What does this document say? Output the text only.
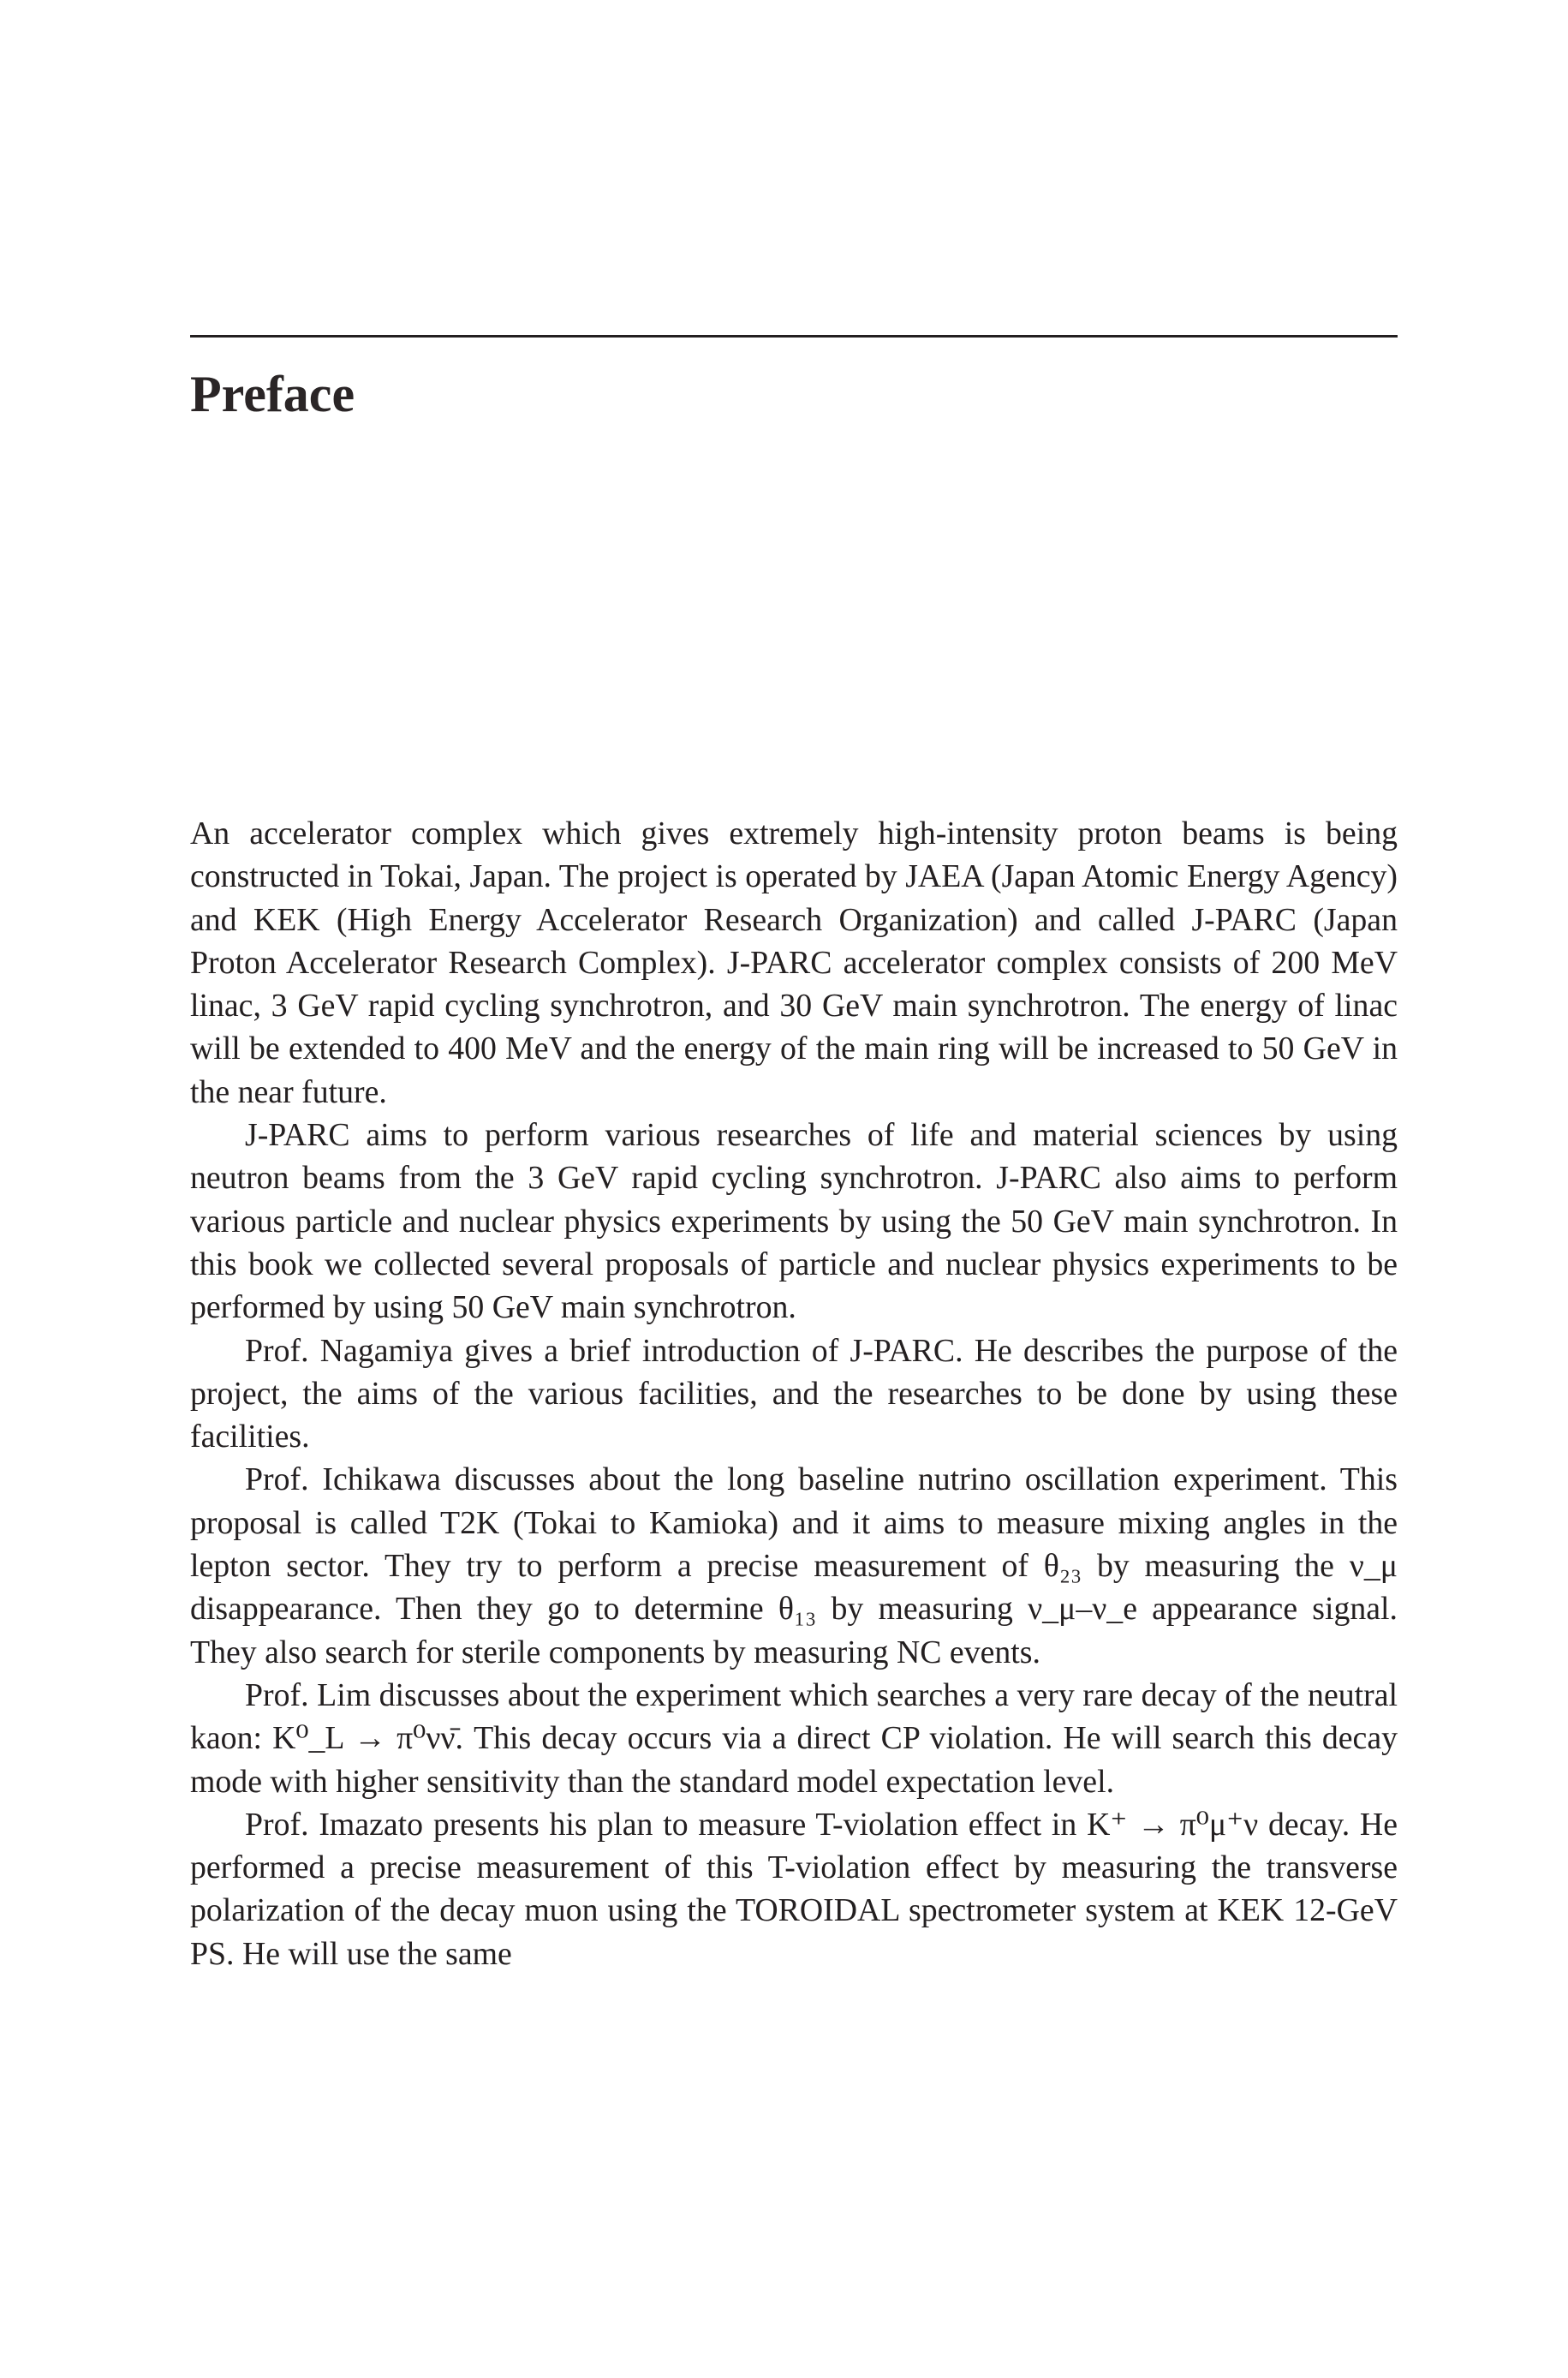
Preface

An accelerator complex which gives extremely high-intensity proton beams is being constructed in Tokai, Japan. The project is operated by JAEA (Japan Atomic Energy Agency) and KEK (High Energy Accelerator Research Organization) and called J-PARC (Japan Proton Accelerator Research Complex). J-PARC accelerator complex consists of 200 MeV linac, 3 GeV rapid cycling synchrotron, and 30 GeV main synchrotron. The energy of linac will be extended to 400 MeV and the energy of the main ring will be increased to 50 GeV in the near future.

J-PARC aims to perform various researches of life and material sciences by using neutron beams from the 3 GeV rapid cycling synchrotron. J-PARC also aims to perform various particle and nuclear physics experiments by using the 50 GeV main synchrotron. In this book we collected several proposals of particle and nuclear physics experiments to be performed by using 50 GeV main synchrotron.

Prof. Nagamiya gives a brief introduction of J-PARC. He describes the purpose of the project, the aims of the various facilities, and the researches to be done by using these facilities.

Prof. Ichikawa discusses about the long baseline nutrino oscillation experiment. This proposal is called T2K (Tokai to Kamioka) and it aims to measure mixing angles in the lepton sector. They try to perform a precise measurement of θ₂₃ by measuring the ν_μ disappearance. Then they go to determine θ₁₃ by measuring ν_μ–ν_e appearance signal. They also search for sterile components by measuring NC events.

Prof. Lim discusses about the experiment which searches a very rare decay of the neutral kaon: K⁰_L → π⁰νν̄. This decay occurs via a direct CP violation. He will search this decay mode with higher sensitivity than the standard model expectation level.

Prof. Imazato presents his plan to measure T-violation effect in K⁺ → π⁰μ⁺ν decay. He performed a precise measurement of this T-violation effect by measuring the transverse polarization of the decay muon using the TOROIDAL spectrometer system at KEK 12-GeV PS. He will use the same
